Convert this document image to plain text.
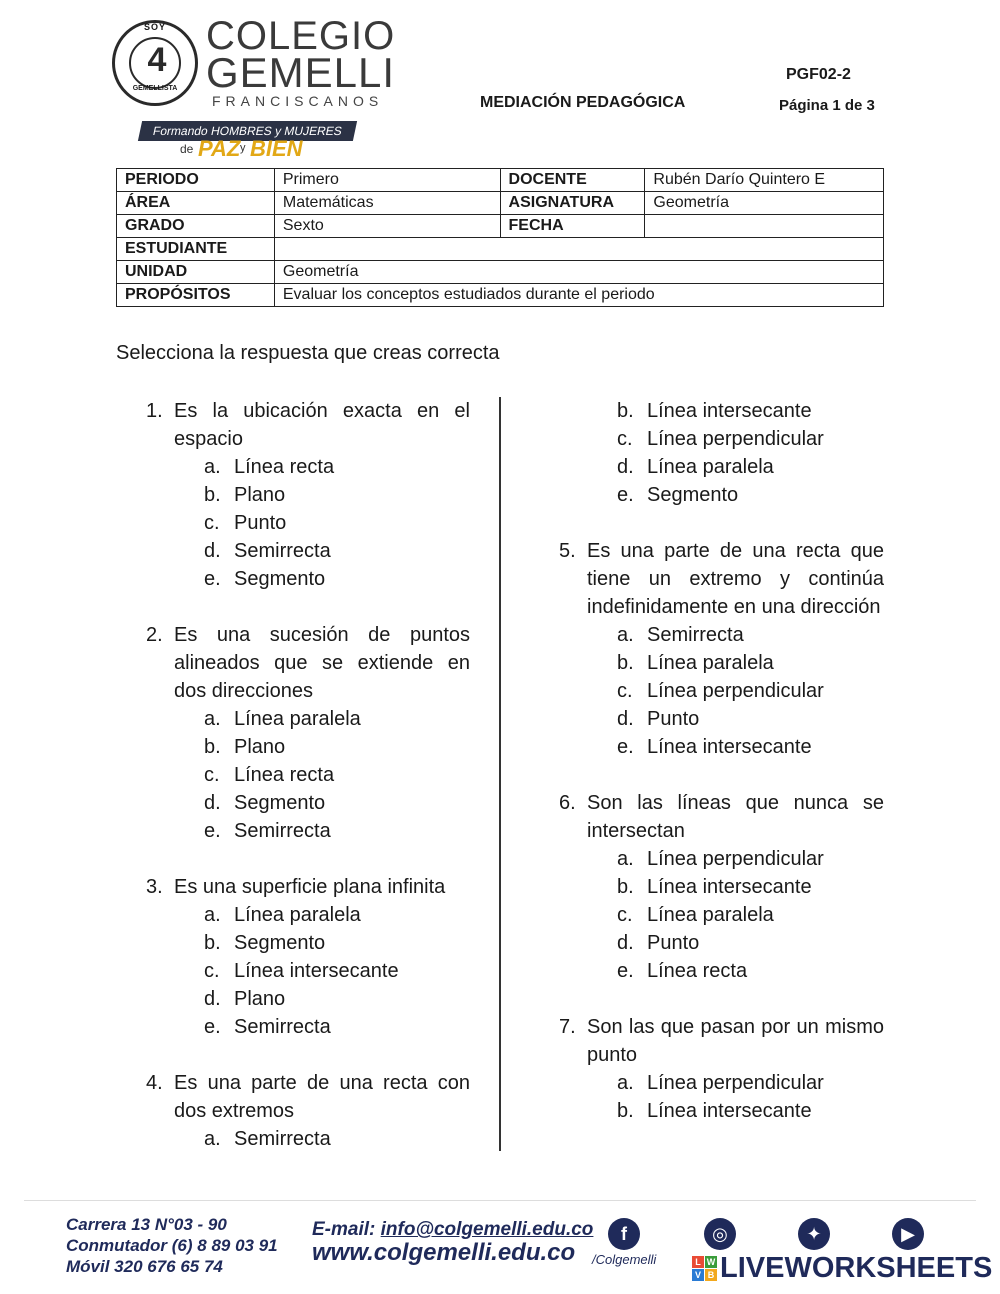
SOY
4
GEMELLISTA
COLEGIO
GEMELLI
FRANCISCANOS
Formando HOMBRES y MUJERES
de PAZ y BIEN
MEDIACIÓN PEDAGÓGICA
PGF02-2
Página 1 de 3
PERIODO	Primero	DOCENTE	Rubén Darío Quintero E
ÁREA	Matemáticas	ASIGNATURA	Geometría
GRADO	Sexto	FECHA	
ESTUDIANTE			
UNIDAD	Geometría		
PROPÓSITOS	Evaluar los conceptos estudiados durante el periodo		
Selecciona la respuesta que creas correcta
1. Es la ubicación exacta en el espacio
a. Línea recta
b. Plano
c. Punto
d. Semirrecta
e. Segmento
2. Es una sucesión de puntos alineados que se extiende en dos direcciones
a. Línea paralela
b. Plano
c. Línea recta
d. Segmento
e. Semirrecta
3. Es una superficie plana infinita
a. Línea paralela
b. Segmento
c. Línea intersecante
d. Plano
e. Semirrecta
4. Es una parte de una recta con dos extremos
a. Semirrecta
b. Línea intersecante
c. Línea perpendicular
d. Línea paralela
e. Segmento
5. Es una parte de una recta que tiene un extremo y continúa indefinidamente en una dirección
a. Semirrecta
b. Línea paralela
c. Línea perpendicular
d. Punto
e. Línea intersecante
6. Son las líneas que nunca se intersectan
a. Línea perpendicular
b. Línea intersecante
c. Línea paralela
d. Punto
e. Línea recta
7. Son las que pasan por un mismo punto
a. Línea perpendicular
b. Línea intersecante
Carrera 13 N°03 - 90
Conmutador (6) 8 89 03 91
Móvil 320 676 65 74
E-mail: info@colgemelli.edu.co
www.colgemelli.edu.co
f
/Colgemelli
◎	✦	▶
L W
V B LIVEWORKSHEETS
